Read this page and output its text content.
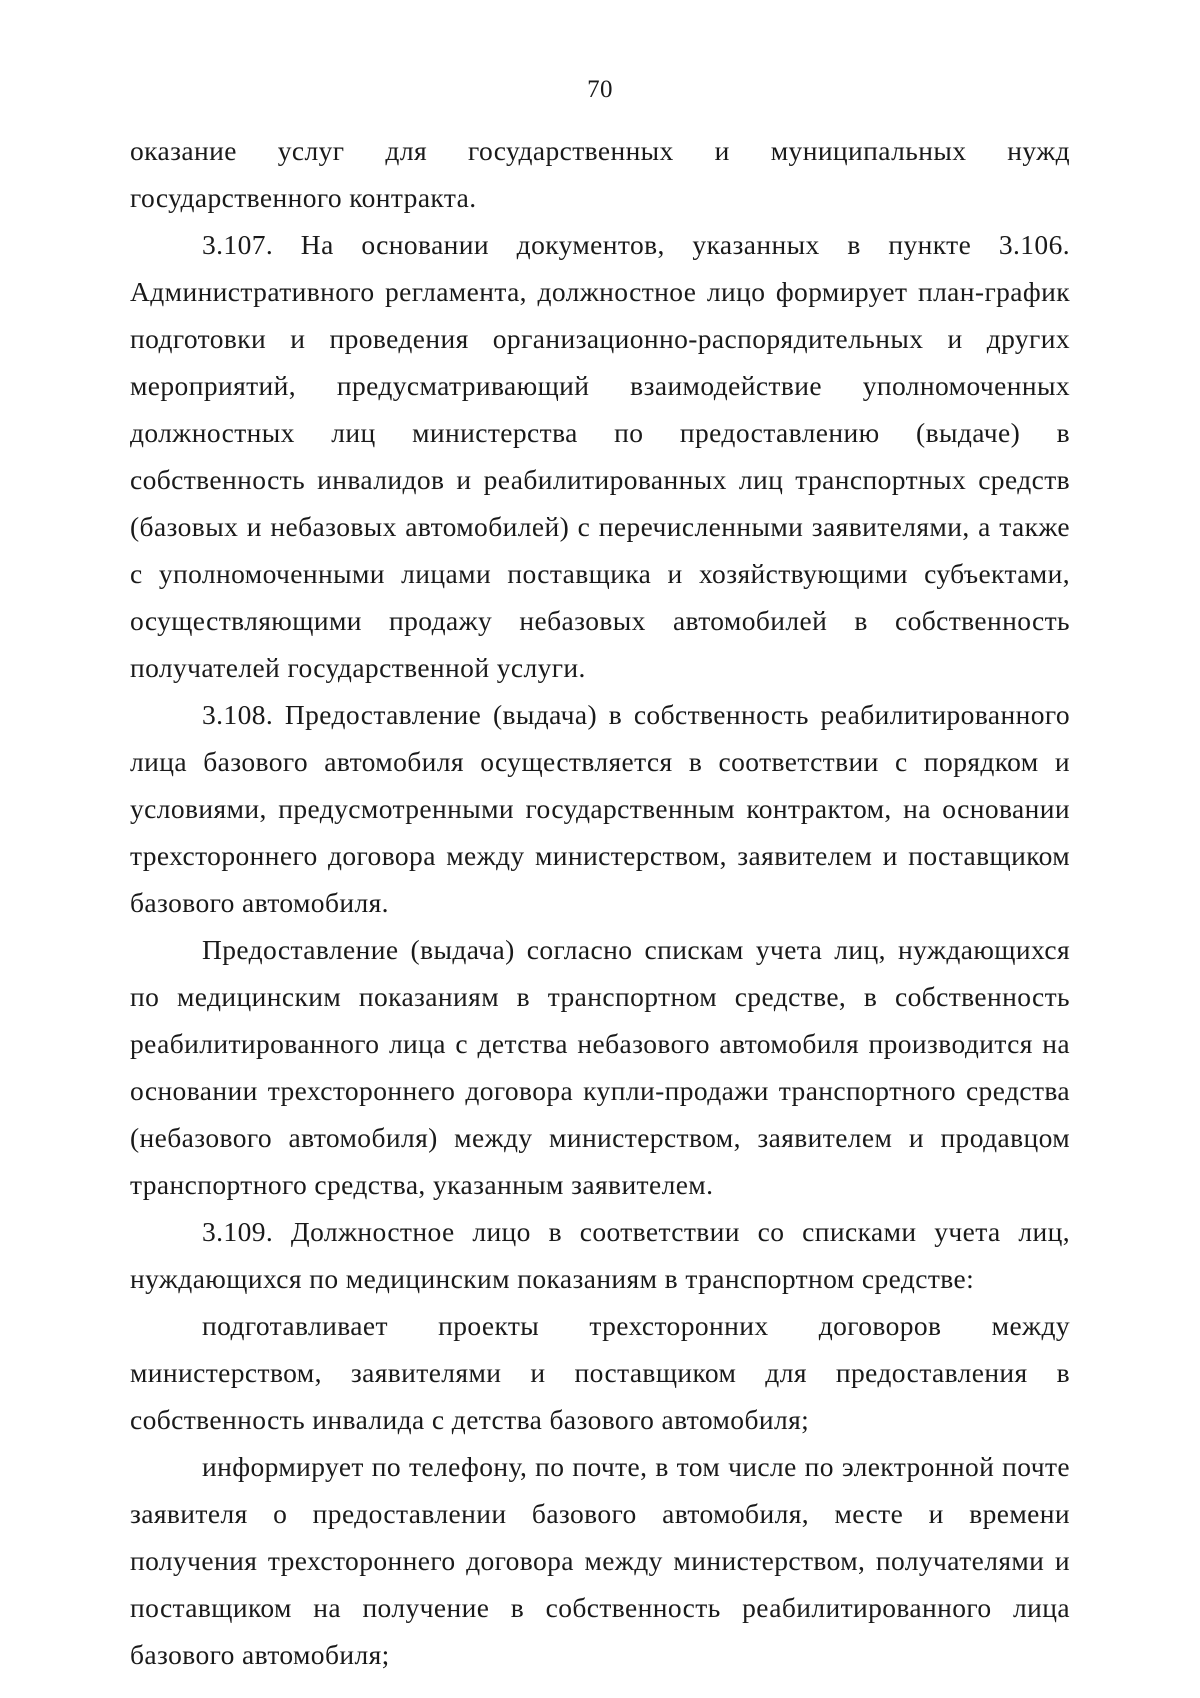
70

оказание услуг для государственных и муниципальных нужд государственного контракта.

3.107. На основании документов, указанных в пункте 3.106. Административного регламента, должностное лицо формирует план-график подготовки и проведения организационно-распорядительных и других мероприятий, предусматривающий взаимодействие уполномоченных должностных лиц министерства по предоставлению (выдаче) в собственность инвалидов и реабилитированных лиц транспортных средств (базовых и небазовых автомобилей) с перечисленными заявителями, а также с уполномоченными лицами поставщика и хозяйствующими субъектами, осуществляющими продажу небазовых автомобилей в собственность получателей государственной услуги.

3.108. Предоставление (выдача) в собственность реабилитированного лица базового автомобиля осуществляется в соответствии с порядком и условиями, предусмотренными государственным контрактом, на основании трехстороннего договора между министерством, заявителем и поставщиком базового автомобиля.

Предоставление (выдача) согласно спискам учета лиц, нуждающихся по медицинским показаниям в транспортном средстве, в собственность реабилитированного лица с детства небазового автомобиля производится на основании трехстороннего договора купли-продажи транспортного средства (небазового автомобиля) между министерством, заявителем и продавцом транспортного средства, указанным заявителем.

3.109. Должностное лицо в соответствии со списками учета лиц, нуждающихся по медицинским показаниям в транспортном средстве:

подготавливает проекты трехсторонних договоров между министерством, заявителями и поставщиком для предоставления в собственность инвалида с детства базового автомобиля;

информирует по телефону, по почте, в том числе по электронной почте заявителя о предоставлении базового автомобиля, месте и времени получения трехстороннего договора между министерством, получателями и поставщиком на получение в собственность реабилитированного лица базового автомобиля;
